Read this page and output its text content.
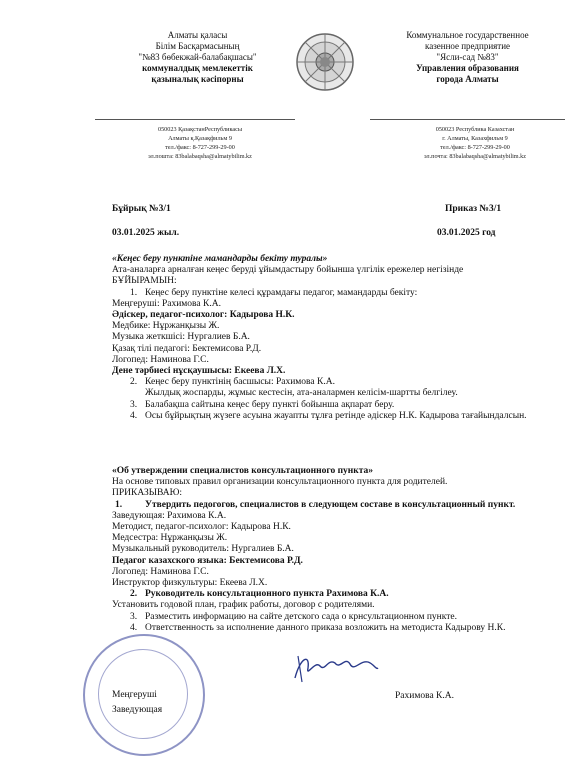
Алматы қаласы
Білім Басқармасының
"№83 бөбекжай-балабақшасы"
коммуналдық мемлекеттік
қазыналық кәсіпорны
Коммунальное государственное
казенное предприятие
"Ясли-сад №83"
Управления образования
города Алматы
050023 ҚазақстанРеспубликасы
Алматы қ.Қазақфильм 9
тел./факс: 8-727-299-29-00
эл.пошта: 83balabaqsha@almatybilim.kz
050023 Республика Казахстан
г. Алматы, Казахфильм 9
тел./факс: 8-727-299-29-00
эл.почта: 83balabaqsha@almatybilim.kz
Бұйрық №3/1	Приказ №3/1
03.01.2025 жыл.	03.01.2025 год

«Кеңес беру пунктіне мамандарды бекіту туралы»

Ата-аналарға арналған кеңес беруді ұйымдастыру бойынша үлгілік ережелер негізінде

БҰЙЫРАМЫН:

1. Кеңес беру пунктіне келесі құрамдағы педагог, мамандарды бекіту:

Меңгеруші: Рахимова К.А.

Әдіскер, педагог-психолог: Кадырова Н.К.

Медбике: Нұржанқызы Ж.

Музыка жеткшісі: Нургалиев Б.А.

Қазақ тілі педагогі: Бектемисова Р.Д.

Логопед: Наминова Г.С.

Дене тәрбиесі нұсқаушысы: Екеева Л.Х.

2. Кеңес беру пунктінің басшысы: Рахимова К.А.

Жылдық жоспарды, жұмыс кестесін, ата-аналармен келісім-шартты белгілеу.

3. Балабақша сайтына кеңес беру пункті бойынша ақпарат беру.

4. Осы бұйрықтың жүзеге асуына жауапты тұлға ретінде әдіскер Н.К. Кадырова тағайындалсын.

«Об утверждении специалистов консультационного пункта»

На основе типовых правил организации консультационного пункта для родителей.

ПРИКАЗЫВАЮ:

1. Утвердить педогогов, специалистов в следующем составе в консультационный пункт.

Заведующая: Рахимова К.А.

Методист, педагог-психолог: Кадырова Н.К.

Медсестра: Нұржанқызы Ж.

Музыкальный руководитель: Нургалиев Б.А.

Педагог казахского языка: Бектемисова Р.Д.

Логопед: Наминова Г.С.

Инструктор физкультуры: Екеева Л.Х.

2. Руководитель консультационного пункта Рахимова К.А.

Установить годовой план, график работы, договор с родителями.

3. Разместить информацию на сайте детского сада о крнсультационном пункте.

4. Ответственность за исполнение данного приказа возложить на методиста Кадырову Н.К.

Меңгеруші
Заведующая
Рахимова К.А.
